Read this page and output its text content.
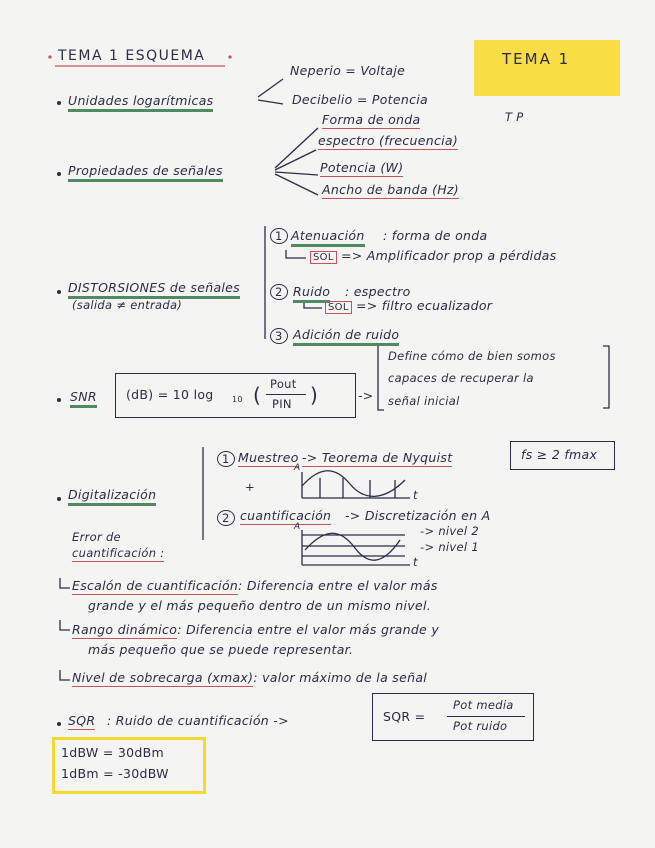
TEMA 1 ESQUEMA	TEMA 1
Unidades logarítmicas
Neperio = Voltaje
Decibelio = Potencia
Propiedades de señales
Forma de onda	T P
espectro (frecuencia)
Potencia (W)
Ancho de banda (Hz)
DISTORSIONES de señales
(salida ≠ entrada)
1 Atenuación : forma de onda
SOL => Amplificador prop a pérdidas
2 Ruido : espectro
SOL => filtro ecualizador
3 Adición de ruido
SNR (dB) = 10 log 10 ( Pout
PIN )	->
Define cómo de bien somos
capaces de recuperar la
señal inicial
Digitalización
1 Muestreo -> Teorema de Nyquist	fs ≥ 2 fmax
+
A
t
2 cuantificación -> Discretización en A
A
t
-> nivel 2
-> nivel 1
Error de
cuantificación :
Escalón de cuantificación: Diferencia entre el valor más
grande y el más pequeño dentro de un mismo nivel.
Rango dinámico: Diferencia entre el valor más grande y
más pequeño que se puede representar.
Nivel de sobrecarga (xmax): valor máximo de la señal
SQR : Ruido de cuantificación ->	SQR =
Pot media
Pot ruido
1dBW = 30dBm
1dBm = -30dBW
